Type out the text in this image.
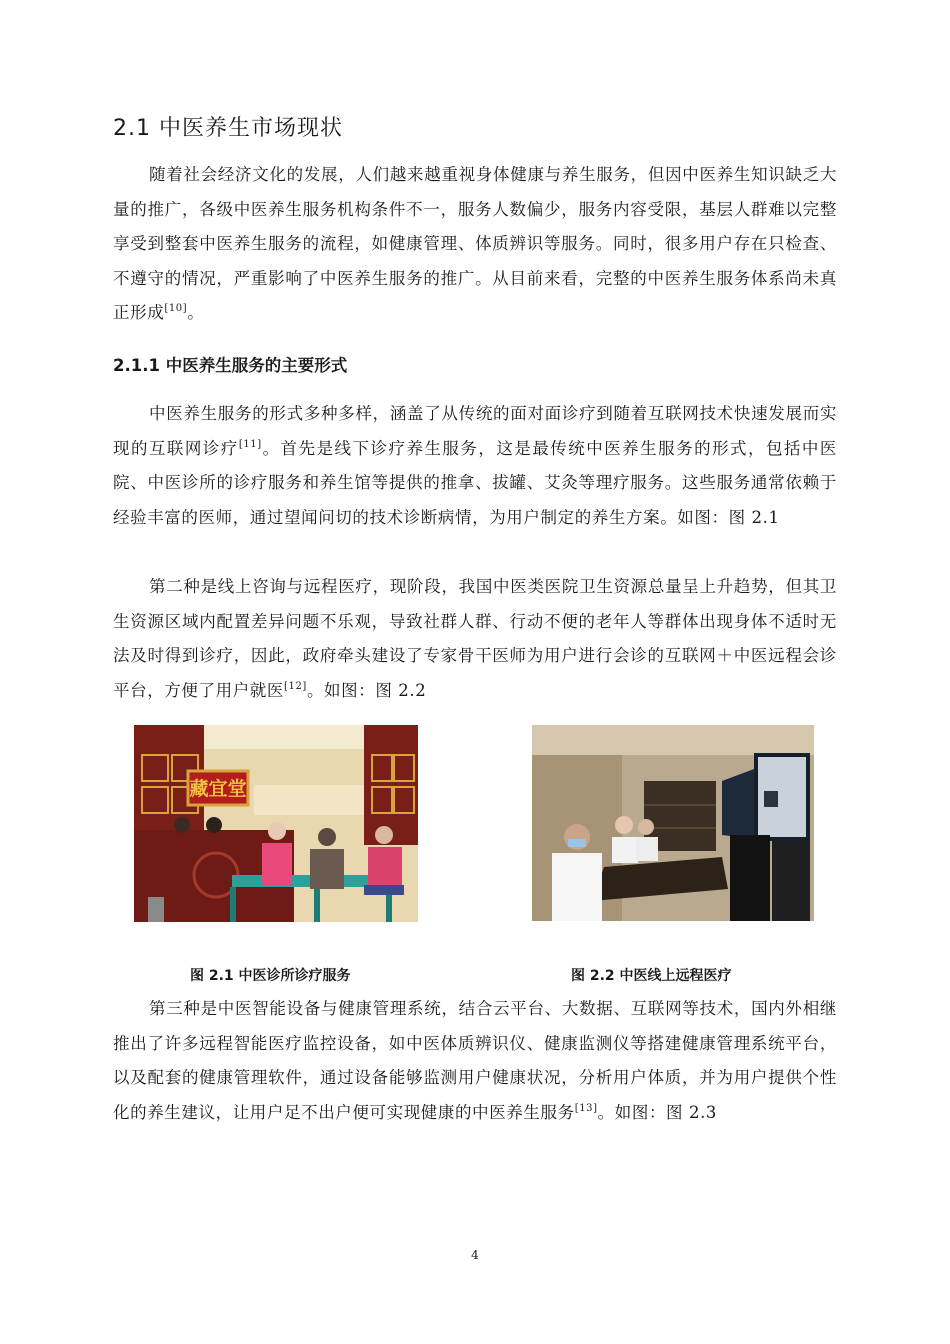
2.1 中医养生市场现状

随着社会经济文化的发展，人们越来越重视身体健康与养生服务，但因中医养生知识缺乏大量的推广，各级中医养生服务机构条件不一，服务人数偏少，服务内容受限，基层人群难以完整享受到整套中医养生服务的流程，如健康管理、体质辨识等服务。同时，很多用户存在只检查、不遵守的情况，严重影响了中医养生服务的推广。从目前来看，完整的中医养生服务体系尚未真正形成[10]。

2.1.1 中医养生服务的主要形式

中医养生服务的形式多种多样，涵盖了从传统的面对面诊疗到随着互联网技术快速发展而实现的互联网诊疗[11]。首先是线下诊疗养生服务，这是最传统中医养生服务的形式，包括中医院、中医诊所的诊疗服务和养生馆等提供的推拿、拔罐、艾灸等理疗服务。这些服务通常依赖于经验丰富的医师，通过望闻问切的技术诊断病情，为用户制定的养生方案。如图：图 2.1

第二种是线上咨询与远程医疗，现阶段，我国中医类医院卫生资源总量呈上升趋势，但其卫生资源区域内配置差异问题不乐观，导致社群人群、行动不便的老年人等群体出现身体不适时无法及时得到诊疗，因此，政府牵头建设了专家骨干医师为用户进行会诊的互联网＋中医远程会诊平台，方便了用户就医[12]。如图：图 2.2

藏宜堂
图 2.1 中医诊所诊疗服务	图 2.2 中医线上远程医疗

第三种是中医智能设备与健康管理系统，结合云平台、大数据、互联网等技术，国内外相继推出了许多远程智能医疗监控设备，如中医体质辨识仪、健康监测仪等搭建健康管理系统平台，以及配套的健康管理软件，通过设备能够监测用户健康状况，分析用户体质，并为用户提供个性化的养生建议，让用户足不出户便可实现健康的中医养生服务[13]。如图：图 2.3

4
